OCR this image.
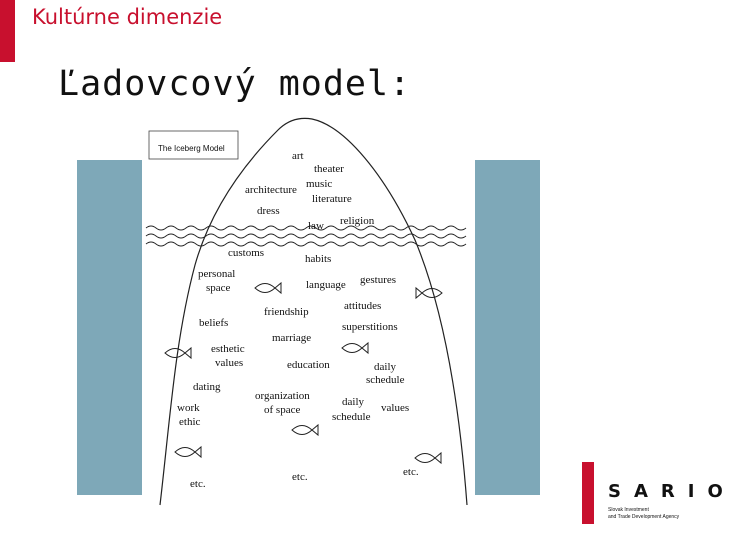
Kultúrne dimenzie
Ľadovcový model:
The Iceberg Model
art
theater
music
architecture
literature
dress
law religion
customs	habits
personal
space	language gestures
friendship	attitudes
beliefs
marriage
superstitions
esthetic
values	education	daily
schedule
dating
organization
of space
daily
schedule
values
work
ethic
etc.
etc.	etc.
SARIO
Slovak Investment
and Trade Development Agency
